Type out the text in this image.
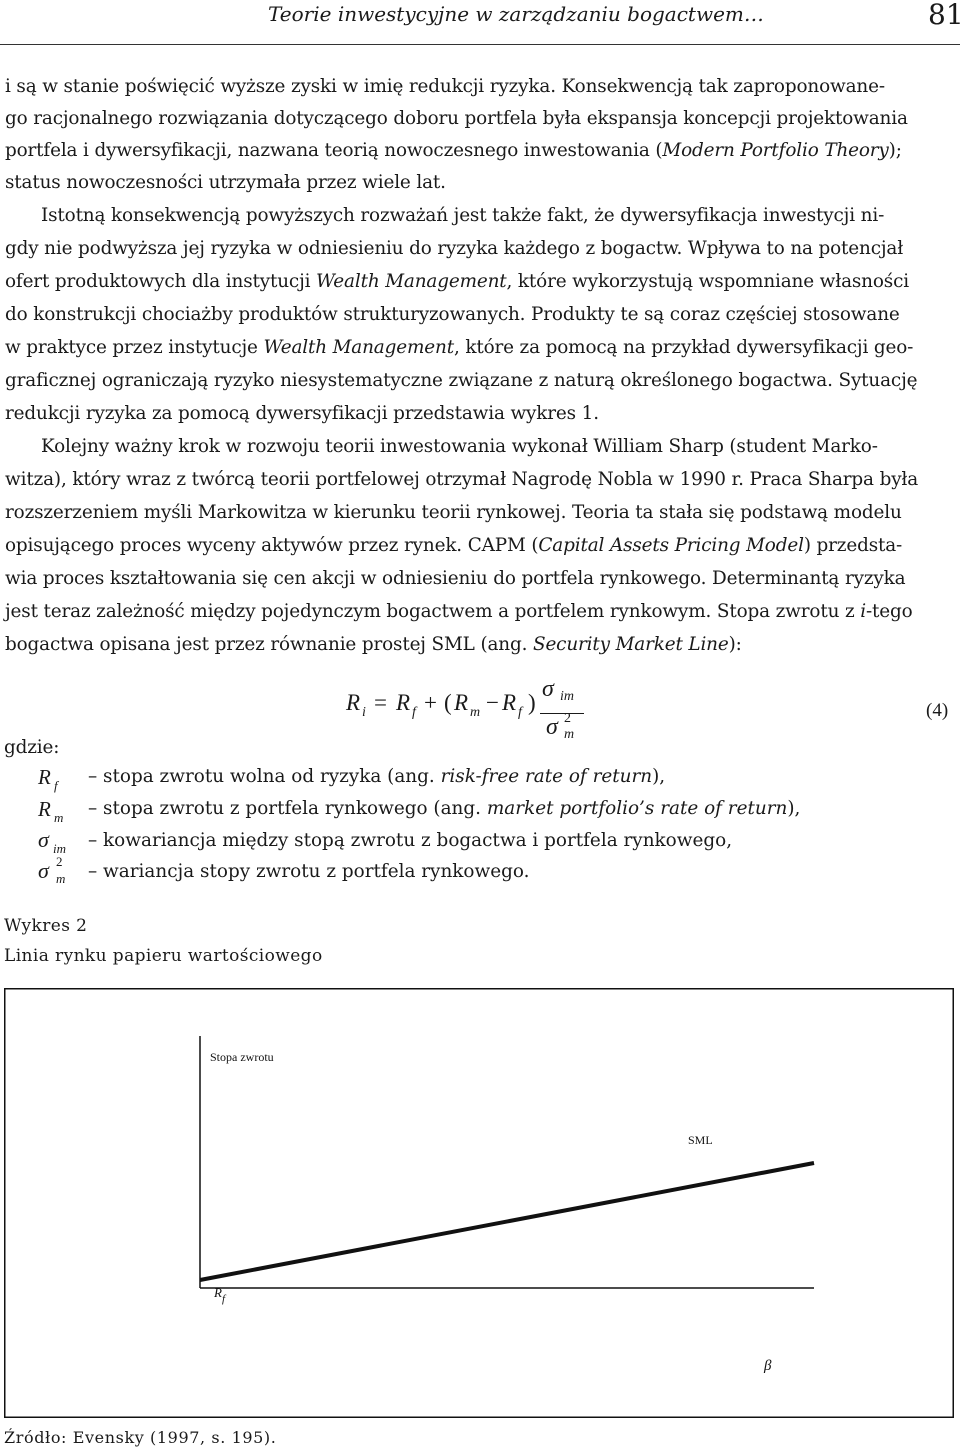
Teorie inwestycyjne w zarządzaniu bogactwem…	81
i są w stanie poświęcić wyższe zyski w imię redukcji ryzyka. Konsekwencją tak zaproponowane-
go racjonalnego rozwiązania dotyczącego doboru portfela była ekspansja koncepcji projektowania
portfela i dywersyfikacji, nazwana teorią nowoczesnego inwestowania (Modern Portfolio Theory);
status nowoczesności utrzymała przez wiele lat.
Istotną konsekwencją powyższych rozważań jest także fakt, że dywersyfikacja inwestycji ni-
gdy nie podwyższa jej ryzyka w odniesieniu do ryzyka każdego z bogactw. Wpływa to na potencjał
ofert produktowych dla instytucji Wealth Management, które wykorzystują wspomniane własności
do konstrukcji chociażby produktów strukturyzowanych. Produkty te są coraz częściej stosowane
w praktyce przez instytucje Wealth Management, które za pomocą na przykład dywersyfikacji geo-
graficznej ograniczają ryzyko niesystematyczne związane z naturą określonego bogactwa. Sytuację
redukcji ryzyka za pomocą dywersyfikacji przedstawia wykres 1.
Kolejny ważny krok w rozwoju teorii inwestowania wykonał William Sharp (student Marko-
witza), który wraz z twórcą teorii portfelowej otrzymał Nagrodę Nobla w 1990 r. Praca Sharpa była
rozszerzeniem myśli Markowitza w kierunku teorii rynkowej. Teoria ta stała się podstawą modelu
opisującego proces wyceny aktywów przez rynek. CAPM (Capital Assets Pricing Model) przedsta-
wia proces kształtowania się cen akcji w odniesieniu do portfela rynkowego. Determinantą ryzyka
jest teraz zależność między pojedynczym bogactwem a portfelem rynkowym. Stopa zwrotu z i-tego
bogactwa opisana jest przez równanie prostej SML (ang. Security Market Line):
R i = R f + ( R m − R f )
σ im
σ m
2	(4)
gdzie:
R f – stopa zwrotu wolna od ryzyka (ang. risk-free rate of return),
R m – stopa zwrotu z portfela rynkowego (ang. market portfolio’s rate of return),
σ im – kowariancja między stopą zwrotu z bogactwa i portfela rynkowego,
σ m
2 – wariancja stopy zwrotu z portfela rynkowego.
Wykres 2
Linia rynku papieru wartościowego
Stopa zwrotu
SML
β
$R_f$
Źródło: Evensky (1997, s. 195).
